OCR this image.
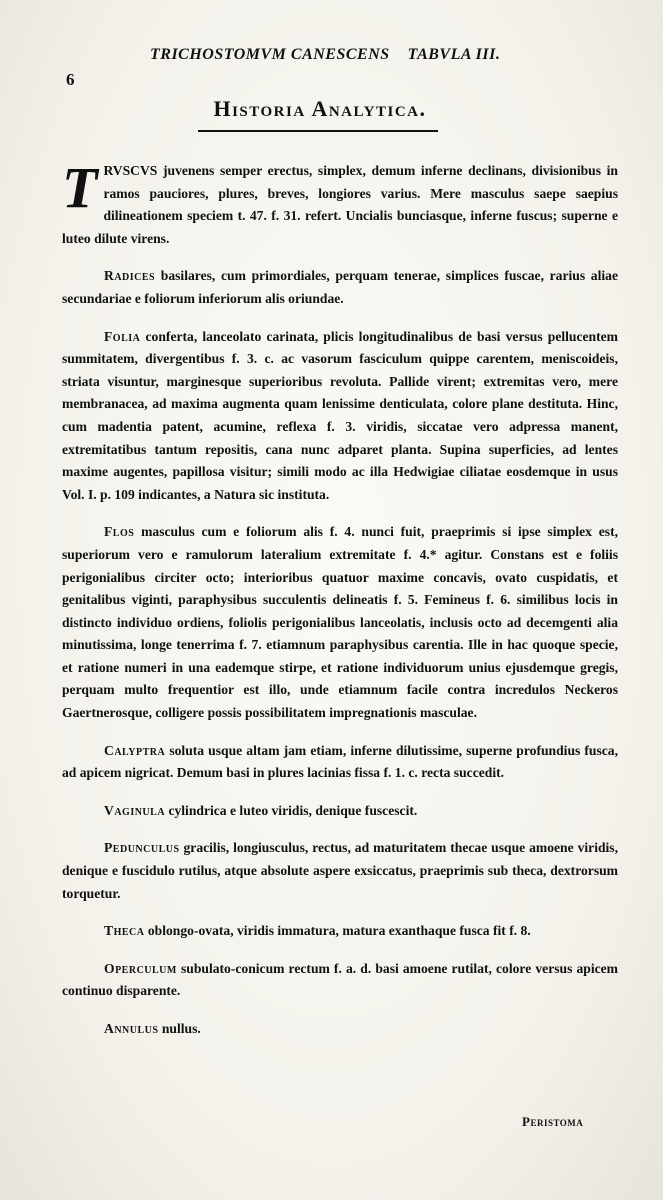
6
TRICHOSTOMVM CANESCENS TABVLA III.
Historia Analytica.

TRVSCVS juvenens semper erectus, simplex, demum inferne declinans, divisionibus in ramos pauciores, plures, breves, longiores varius. Mere masculus saepe saepius dilineationem speciem t. 47. f. 31. refert. Uncialis bunciasque, inferne fuscus; superne e luteo dilute virens.

Radices basilares, cum primordiales, perquam tenerae, simplices fuscae, rarius aliae secundariae e foliorum inferiorum alis oriundae.

Folia conferta, lanceolato carinata, plicis longitudinalibus de basi versus pellucentem summitatem, divergentibus f. 3. c. ac vasorum fasciculum quippe carentem, meniscoideis, striata visuntur, marginesque superioribus revoluta. Pallide virent; extremitas vero, mere membranacea, ad maxima augmenta quam lenissime denticulata, colore plane destituta. Hinc, cum madentia patent, acumine, reflexa f. 3. viridis, siccatae vero adpressa manent, extremitatibus tantum repositis, cana nunc adparet planta. Supina superficies, ad lentes maxime augentes, papillosa visitur; simili modo ac illa Hedwigiae ciliatae eosdemque in usus Vol. I. p. 109 indicantes, a Natura sic instituta.

Flos masculus cum e foliorum alis f. 4. nunci fuit, praeprimis si ipse simplex est, superiorum vero e ramulorum lateralium extremitate f. 4.* agitur. Constans est e foliis perigonialibus circiter octo; interioribus quatuor maxime concavis, ovato cuspidatis, et genitalibus viginti, paraphysibus succulentis delineatis f. 5. Femineus f. 6. similibus locis in distincto individuo ordiens, foliolis perigonialibus lanceolatis, inclusis octo ad decemgenti alia minutissima, longe tenerrima f. 7. etiamnum paraphysibus carentia. Ille in hac quoque specie, et ratione numeri in una eademque stirpe, et ratione individuorum unius ejusdemque gregis, perquam multo frequentior est illo, unde etiamnum facile contra incredulos Neckeros Gaertnerosque, colligere possis possibilitatem impregnationis masculae.

Calyptra soluta usque altam jam etiam, inferne dilutissime, superne profundius fusca, ad apicem nigricat. Demum basi in plures lacinias fissa f. 1. c. recta succedit.

Vaginula cylindrica e luteo viridis, denique fuscescit.

Pedunculus gracilis, longiusculus, rectus, ad maturitatem thecae usque amoene viridis, denique e fuscidulo rutilus, atque absolute aspere exsiccatus, praeprimis sub theca, dextrorsum torquetur.

Theca oblongo-ovata, viridis immatura, matura exanthaque fusca fit f. 8.

Operculum subulato-conicum rectum f. a. d. basi amoene rutilat, colore versus apicem continuo disparente.

Annulus nullus.

Peristoma
